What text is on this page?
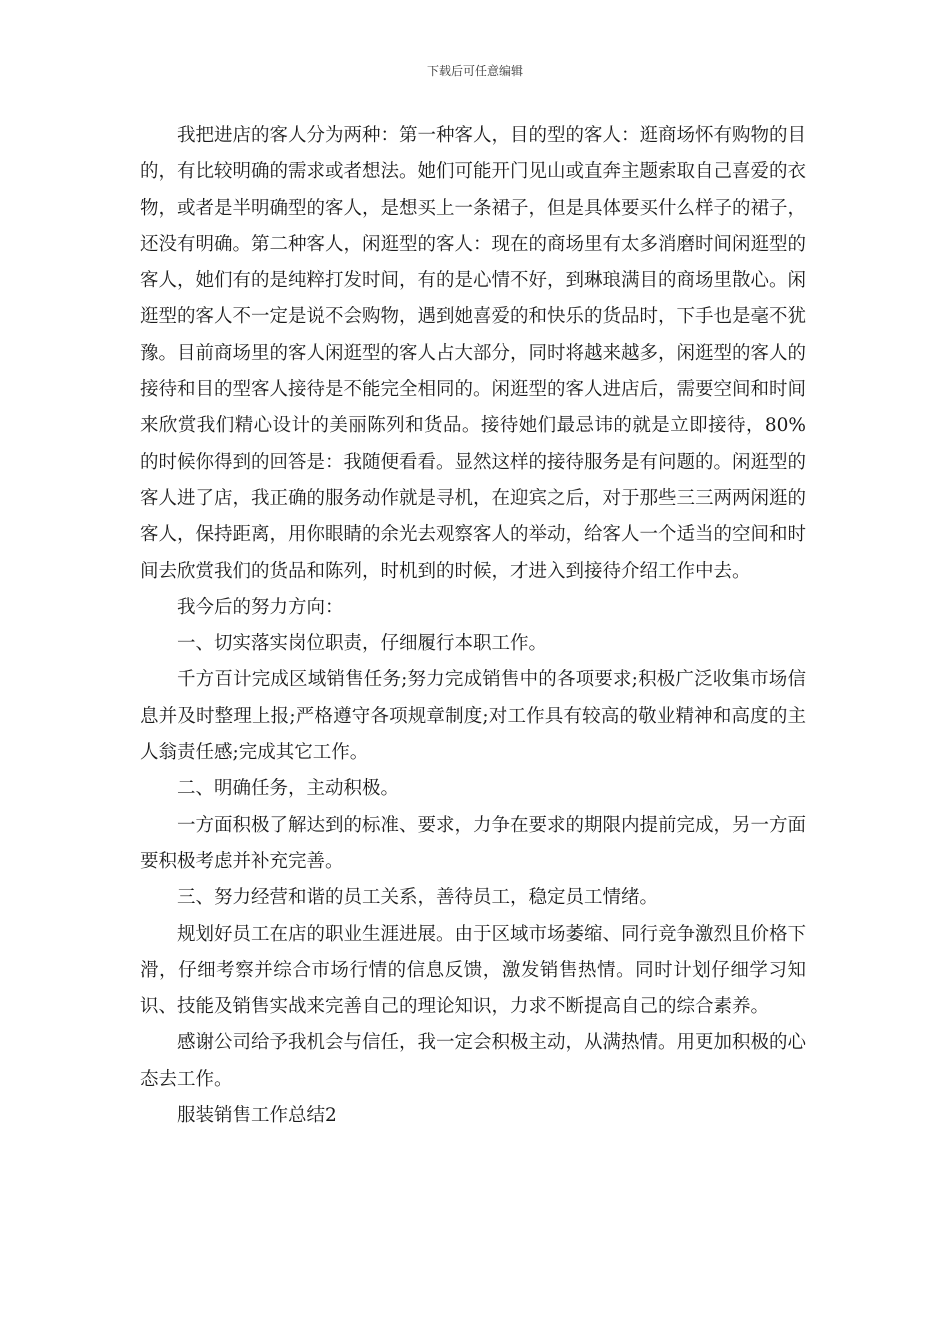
下载后可任意编辑

我把进店的客人分为两种：第一种客人，目的型的客人：逛商场怀有购物的目的，有比较明确的需求或者想法。她们可能开门见山或直奔主题索取自己喜爱的衣物，或者是半明确型的客人，是想买上一条裙子，但是具体要买什么样子的裙子，还没有明确。第二种客人，闲逛型的客人：现在的商场里有太多消磨时间闲逛型的客人，她们有的是纯粹打发时间，有的是心情不好，到琳琅满目的商场里散心。闲逛型的客人不一定是说不会购物，遇到她喜爱的和快乐的货品时，下手也是毫不犹豫。目前商场里的客人闲逛型的客人占大部分，同时将越来越多，闲逛型的客人的接待和目的型客人接待是不能完全相同的。闲逛型的客人进店后，需要空间和时间来欣赏我们精心设计的美丽陈列和货品。接待她们最忌讳的就是立即接待，80%的时候你得到的回答是：我随便看看。显然这样的接待服务是有问题的。闲逛型的客人进了店，我正确的服务动作就是寻机，在迎宾之后，对于那些三三两两闲逛的客人，保持距离，用你眼睛的余光去观察客人的举动，给客人一个适当的空间和时间去欣赏我们的货品和陈列，时机到的时候，才进入到接待介绍工作中去。

我今后的努力方向：

一、切实落实岗位职责，仔细履行本职工作。

千方百计完成区域销售任务;努力完成销售中的各项要求;积极广泛收集市场信息并及时整理上报;严格遵守各项规章制度;对工作具有较高的敬业精神和高度的主人翁责任感;完成其它工作。

二、明确任务，主动积极。

一方面积极了解达到的标准、要求，力争在要求的期限内提前完成，另一方面要积极考虑并补充完善。

三、努力经营和谐的员工关系，善待员工，稳定员工情绪。

规划好员工在店的职业生涯进展。由于区域市场萎缩、同行竞争激烈且价格下滑，仔细考察并综合市场行情的信息反馈，激发销售热情。同时计划仔细学习知识、技能及销售实战来完善自己的理论知识，力求不断提高自己的综合素养。

感谢公司给予我机会与信任，我一定会积极主动，从满热情。用更加积极的心态去工作。

服装销售工作总结2
